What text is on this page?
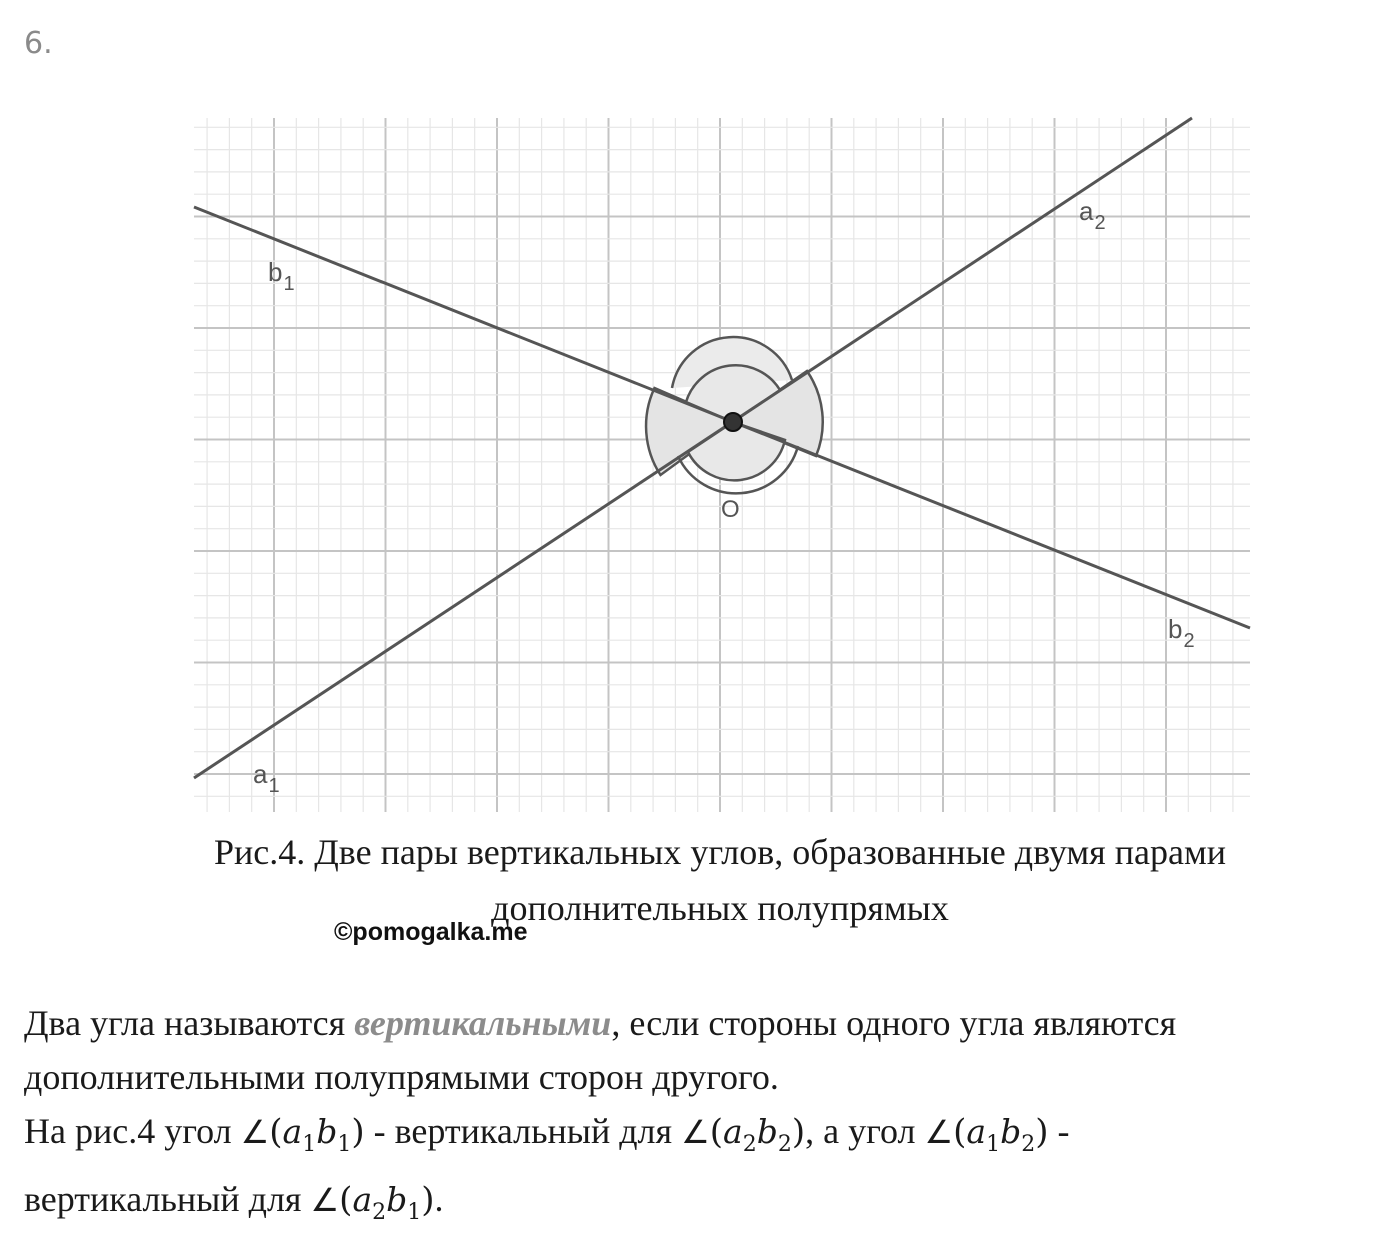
6.
$b_1$
$a_2$
$b_2$
$a_1$
O
Рис.4. Две пары вертикальных углов, образованные двумя парами
дополнительных полупрямых
©pomogalka.me
Два угла называются вертикальными, если стороны одного угла являются
дополнительными полупрямыми сторон другого.
На рис.4 угол $\angle(a_1b_1)$ - вертикальный для $\angle(a_2b_2)$, а угол $\angle(a_1b_2)$ -
вертикальный для $\angle(a_2b_1)$.
